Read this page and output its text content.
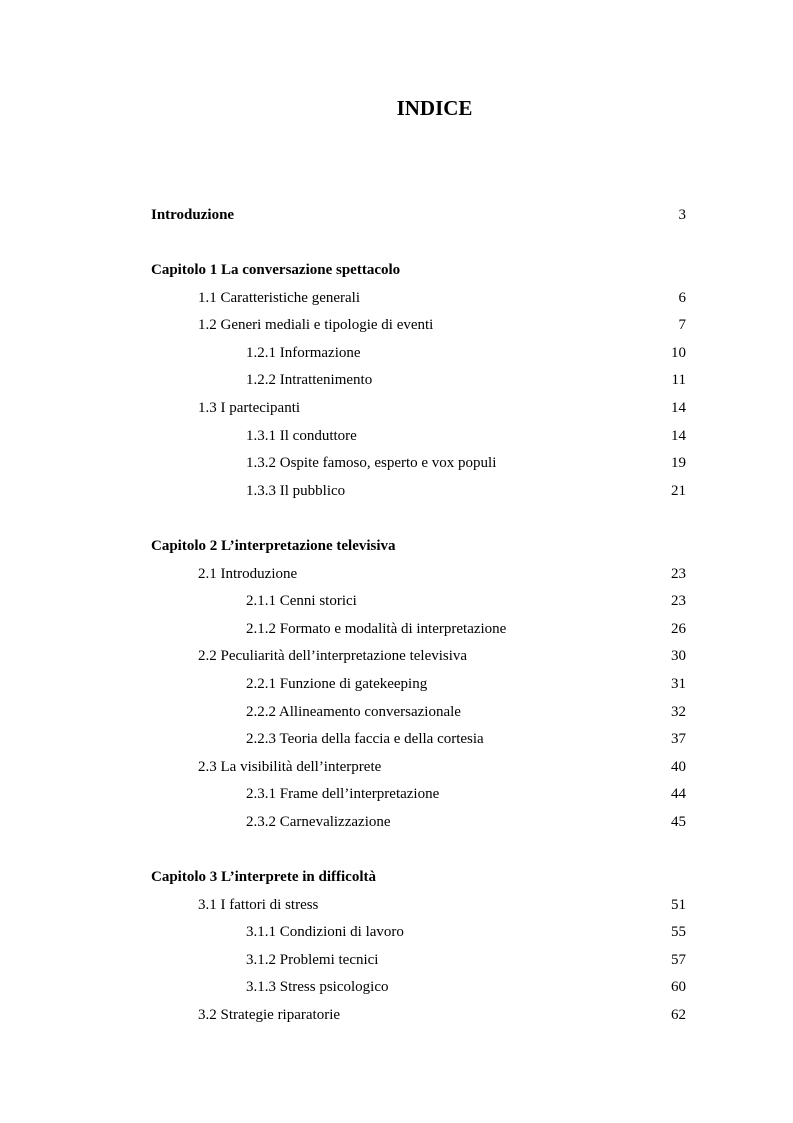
INDICE
Introduzione	3
Capitolo 1 La conversazione spettacolo
1.1 Caratteristiche generali	6
1.2 Generi mediali e tipologie di eventi	7
1.2.1 Informazione	10
1.2.2 Intrattenimento	11
1.3 I partecipanti	14
1.3.1 Il conduttore	14
1.3.2 Ospite famoso, esperto e vox populi	19
1.3.3 Il pubblico	21
Capitolo 2 L’interpretazione televisiva
2.1 Introduzione	23
2.1.1 Cenni storici	23
2.1.2 Formato e modalità di interpretazione	26
2.2 Peculiarità dell’interpretazione televisiva	30
2.2.1 Funzione di gatekeeping	31
2.2.2 Allineamento conversazionale	32
2.2.3 Teoria della faccia e della cortesia	37
2.3 La visibilità dell’interprete	40
2.3.1 Frame dell’interpretazione	44
2.3.2 Carnevalizzazione	45
Capitolo 3 L’interprete in difficoltà
3.1 I fattori di stress	51
3.1.1 Condizioni di lavoro	55
3.1.2 Problemi tecnici	57
3.1.3 Stress psicologico	60
3.2 Strategie riparatorie	62
